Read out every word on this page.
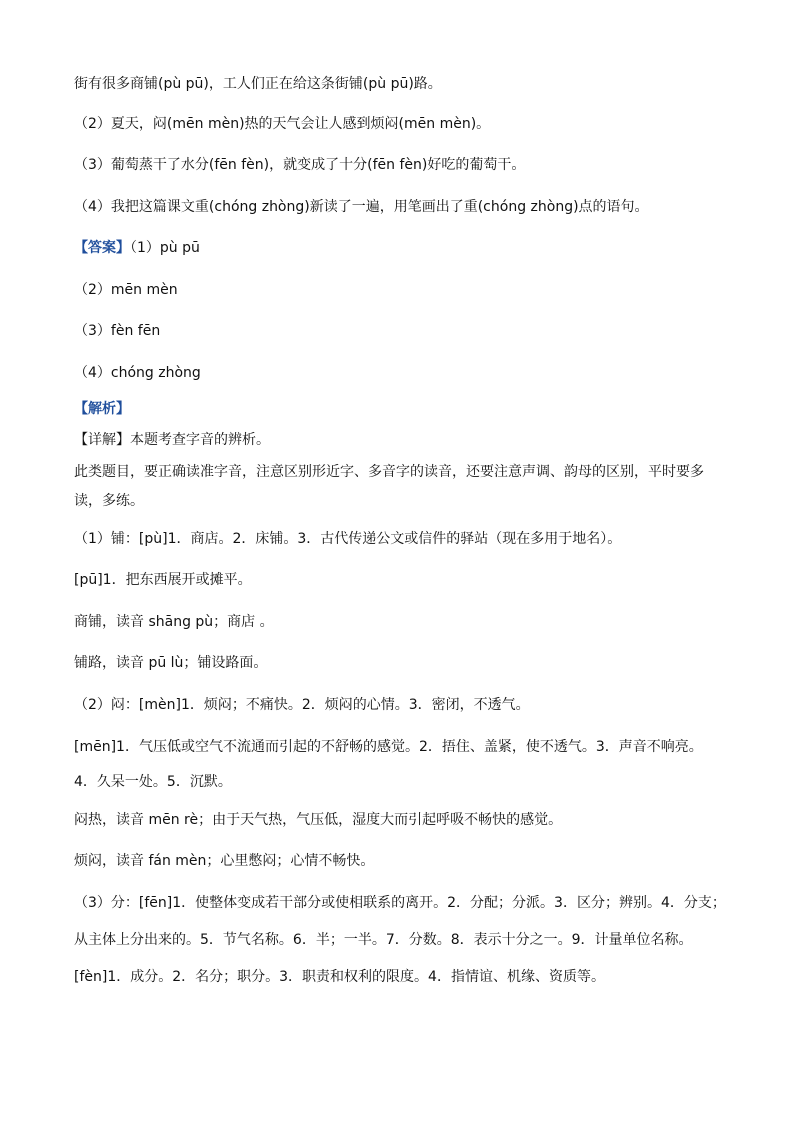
街有很多商铺(pù pū)，工人们正在给这条街铺(pù pū)路。
（2）夏天，闷(mēn mèn)热的天气会让人感到烦闷(mēn mèn)。
（3）葡萄蒸干了水分(fēn fèn)，就变成了十分(fēn fèn)好吃的葡萄干。
（4）我把这篇课文重(chóng zhòng)新读了一遍，用笔画出了重(chóng zhòng)点的语句。
【答案】（1）pù pū
（2）mēn mèn
（3）fèn fēn
（4）chóng zhòng
【解析】
【详解】本题考查字音的辨析。
此类题目，要正确读准字音，注意区别形近字、多音字的读音，还要注意声调、韵母的区别，平时要多
读，多练。
（1）铺：[pù]1．商店。2．床铺。3．古代传递公文或信件的驿站（现在多用于地名）。
[pū]1．把东西展开或摊平。
商铺，读音 shāng pù；商店 。
铺路，读音 pū lù；铺设路面。
（2）闷：[mèn]1．烦闷；不痛快。2．烦闷的心情。3．密闭，不透气。
[mēn]1．气压低或空气不流通而引起的不舒畅的感觉。2．捂住、盖紧，使不透气。3．声音不响亮。
4．久呆一处。5．沉默。
闷热，读音 mēn rè；由于天气热，气压低，湿度大而引起呼吸不畅快的感觉。
烦闷，读音 fán mèn；心里憋闷；心情不畅快。
（3）分：[fēn]1．使整体变成若干部分或使相联系的离开。2．分配；分派。3．区分；辨别。4．分支；
从主体上分出来的。5．节气名称。6．半；一半。7．分数。8．表示十分之一。9．计量单位名称。
[fèn]1．成分。2．名分；职分。3．职责和权利的限度。4．指情谊、机缘、资质等。
